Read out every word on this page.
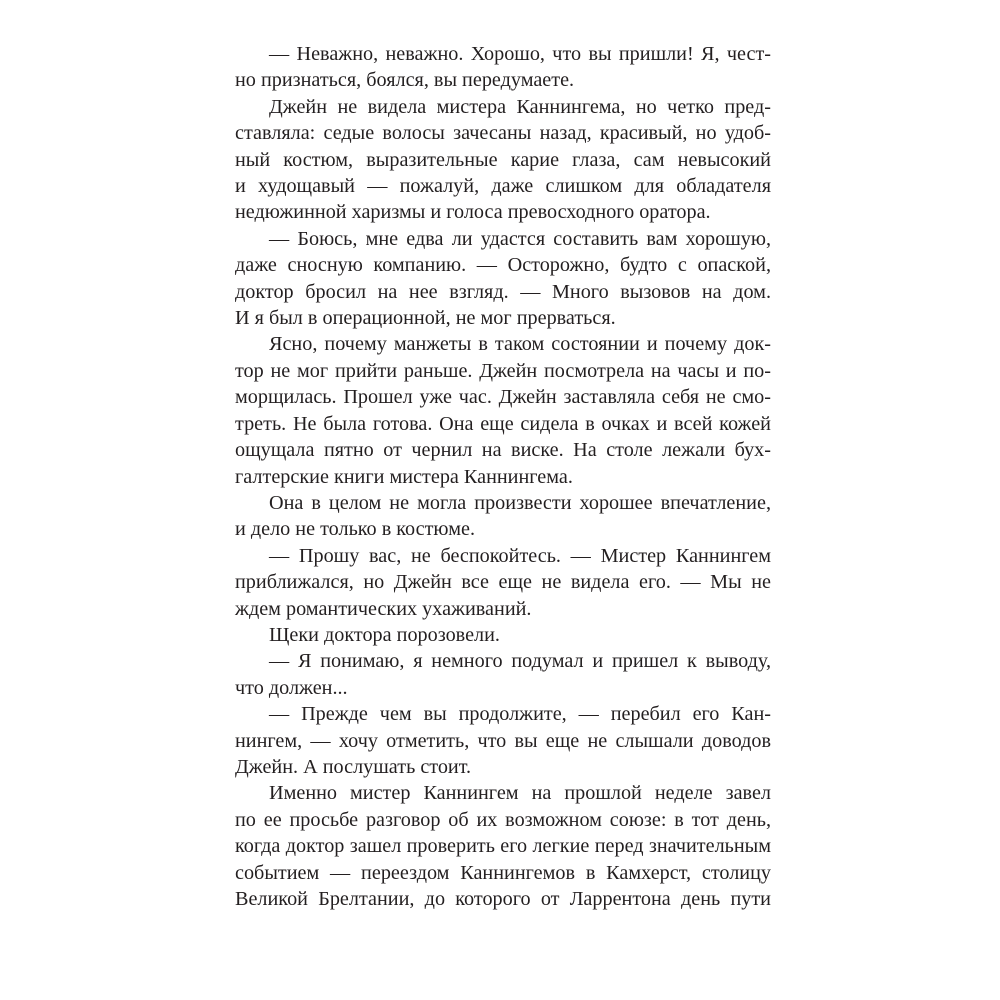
— Неважно, неважно. Хорошо, что вы пришли! Я, чест-
но признаться, боялся, вы передумаете.
Джейн не видела мистера Каннингема, но четко пред-
ставляла: седые волосы зачесаны назад, красивый, но удоб-
ный костюм, выразительные карие глаза, сам невысокий
и худощавый — пожалуй, даже слишком для обладателя
недюжинной харизмы и голоса превосходного оратора.
— Боюсь, мне едва ли удастся составить вам хорошую,
даже сносную компанию. — Осторожно, будто с опаской,
доктор бросил на нее взгляд. — Много вызовов на дом.
И я был в операционной, не мог прерваться.
Ясно, почему манжеты в таком состоянии и почему док-
тор не мог прийти раньше. Джейн посмотрела на часы и по-
морщилась. Прошел уже час. Джейн заставляла себя не смо-
треть. Не была готова. Она еще сидела в очках и всей кожей
ощущала пятно от чернил на виске. На столе лежали бух-
галтерские книги мистера Каннингема.
Она в целом не могла произвести хорошее впечатление,
и дело не только в костюме.
— Прошу вас, не беспокойтесь. — Мистер Каннингем
приближался, но Джейн все еще не видела его. — Мы не
ждем романтических ухаживаний.
Щеки доктора порозовели.
— Я понимаю, я немного подумал и пришел к выводу,
что должен...
— Прежде чем вы продолжите, — перебил его Кан-
нингем, — хочу отметить, что вы еще не слышали доводов
Джейн. А послушать стоит.
Именно мистер Каннингем на прошлой неделе завел
по ее просьбе разговор об их возможном союзе: в тот день,
когда доктор зашел проверить его легкие перед значительным
событием — переездом Каннингемов в Камхерст, столицу
Великой Брелтании, до которого от Ларрентона день пути
